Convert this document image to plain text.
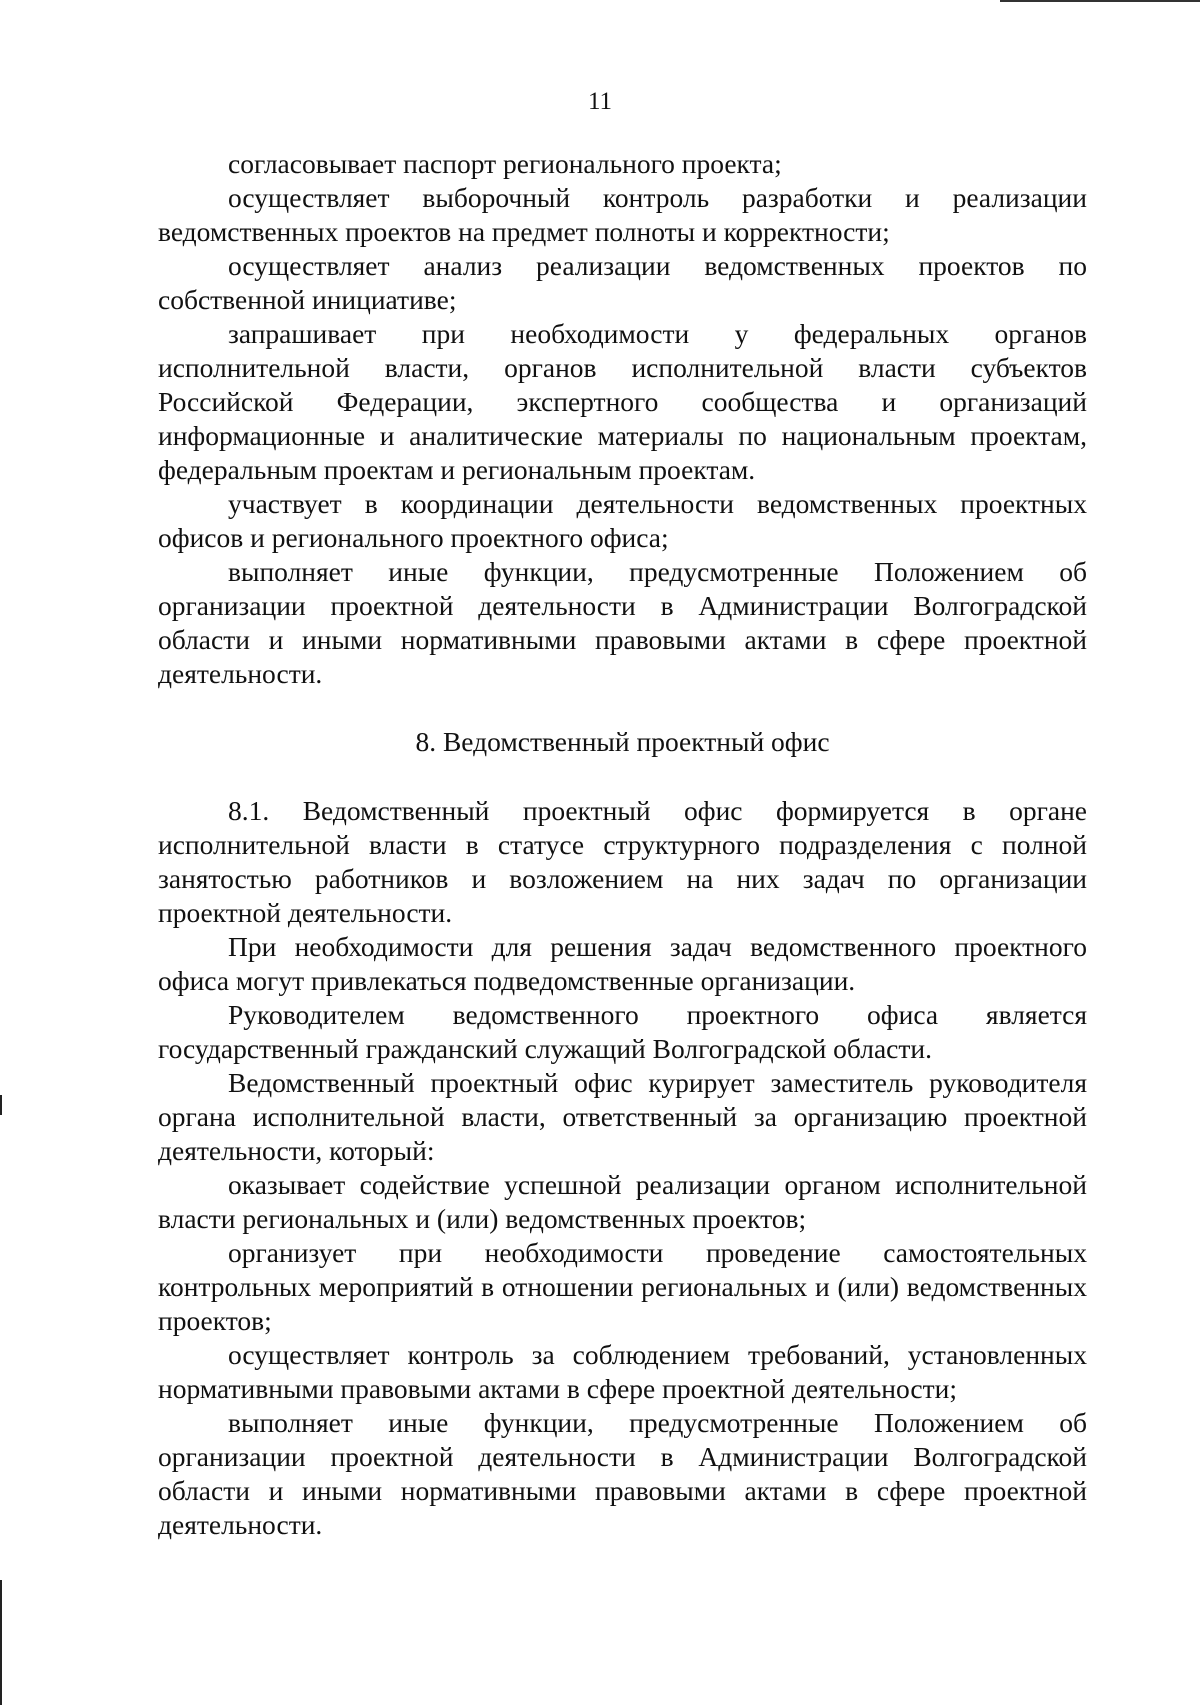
11

согласовывает паспорт регионального проекта;

осуществляет выборочный контроль разработки и реализации ведомственных проектов на предмет полноты и корректности;

осуществляет анализ реализации ведомственных проектов по собственной инициативе;

запрашивает при необходимости у федеральных органов исполнительной власти, органов исполнительной власти субъектов Российской Федерации, экспертного сообщества и организаций информационные и аналитические материалы по национальным проектам, федеральным проектам и региональным проектам.

участвует в координации деятельности ведомственных проектных офисов и регионального проектного офиса;

выполняет иные функции, предусмотренные Положением об организации проектной деятельности в Администрации Волгоградской области и иными нормативными правовыми актами в сфере проектной деятельности.

8. Ведомственный проектный офис

8.1. Ведомственный проектный офис формируется в органе исполнительной власти в статусе структурного подразделения с полной занятостью работников и возложением на них задач по организации проектной деятельности.

При необходимости для решения задач ведомственного проектного офиса могут привлекаться подведомственные организации.

Руководителем ведомственного проектного офиса является государственный гражданский служащий Волгоградской области.

Ведомственный проектный офис курирует заместитель руководителя органа исполнительной власти, ответственный за организацию проектной деятельности, который:

оказывает содействие успешной реализации органом исполнительной власти региональных и (или) ведомственных проектов;

организует при необходимости проведение самостоятельных контрольных мероприятий в отношении региональных и (или) ведомственных проектов;

осуществляет контроль за соблюдением требований, установленных нормативными правовыми актами в сфере проектной деятельности;

выполняет иные функции, предусмотренные Положением об организации проектной деятельности в Администрации Волгоградской области и иными нормативными правовыми актами в сфере проектной деятельности.
